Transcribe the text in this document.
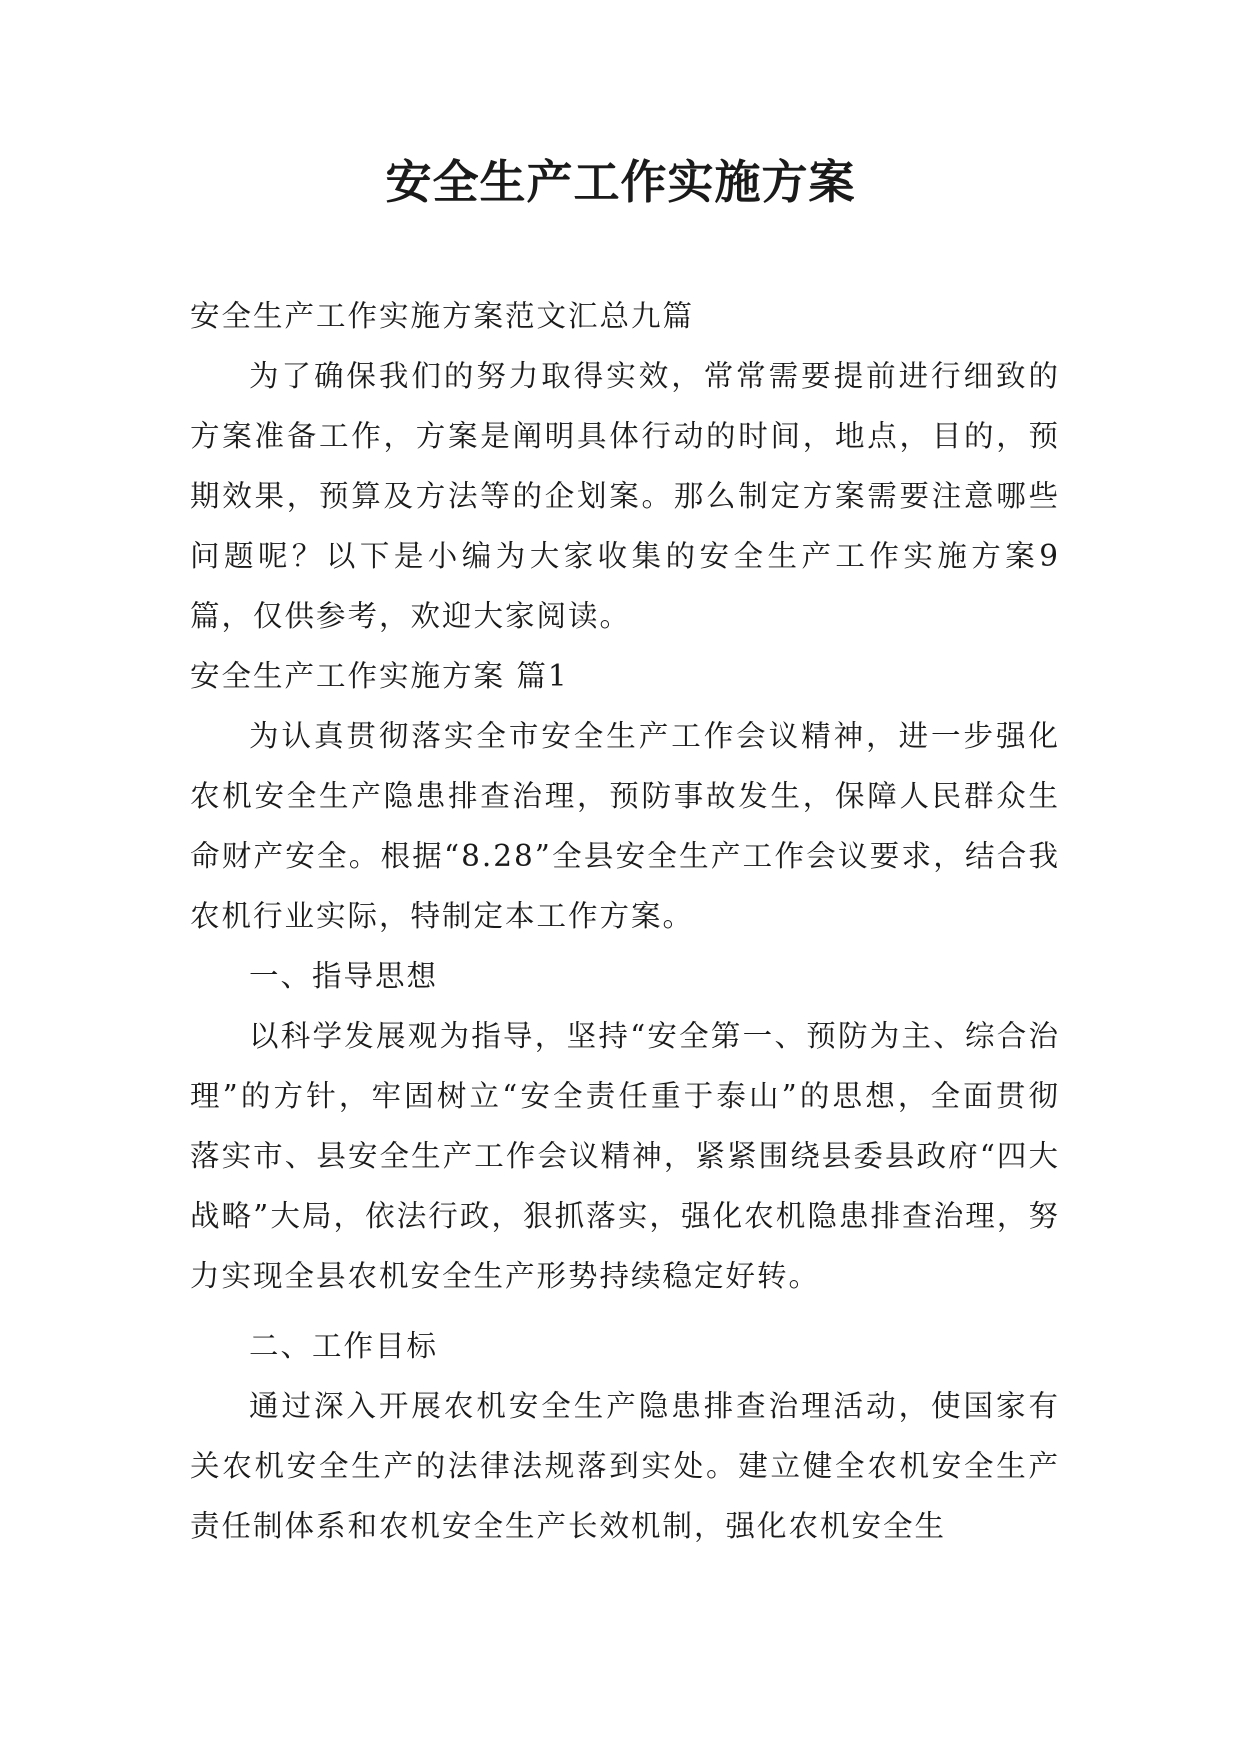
安全生产工作实施方案

安全生产工作实施方案范文汇总九篇

为了确保我们的努力取得实效，常常需要提前进行细致的方案准备工作，方案是阐明具体行动的时间，地点，目的，预期效果，预算及方法等的企划案。那么制定方案需要注意哪些问题呢？以下是小编为大家收集的安全生产工作实施方案9篇，仅供参考，欢迎大家阅读。

安全生产工作实施方案 篇1

为认真贯彻落实全市安全生产工作会议精神，进一步强化农机安全生产隐患排查治理，预防事故发生，保障人民群众生命财产安全。根据“8.28”全县安全生产工作会议要求，结合我农机行业实际，特制定本工作方案。

一、指导思想

以科学发展观为指导，坚持“安全第一、预防为主、综合治理”的方针，牢固树立“安全责任重于泰山”的思想，全面贯彻落实市、县安全生产工作会议精神，紧紧围绕县委县政府“四大战略”大局，依法行政，狠抓落实，强化农机隐患排查治理，努力实现全县农机安全生产形势持续稳定好转。

二、工作目标

通过深入开展农机安全生产隐患排查治理活动，使国家有关农机安全生产的法律法规落到实处。建立健全农机安全生产责任制体系和农机安全生产长效机制，强化农机安全生
